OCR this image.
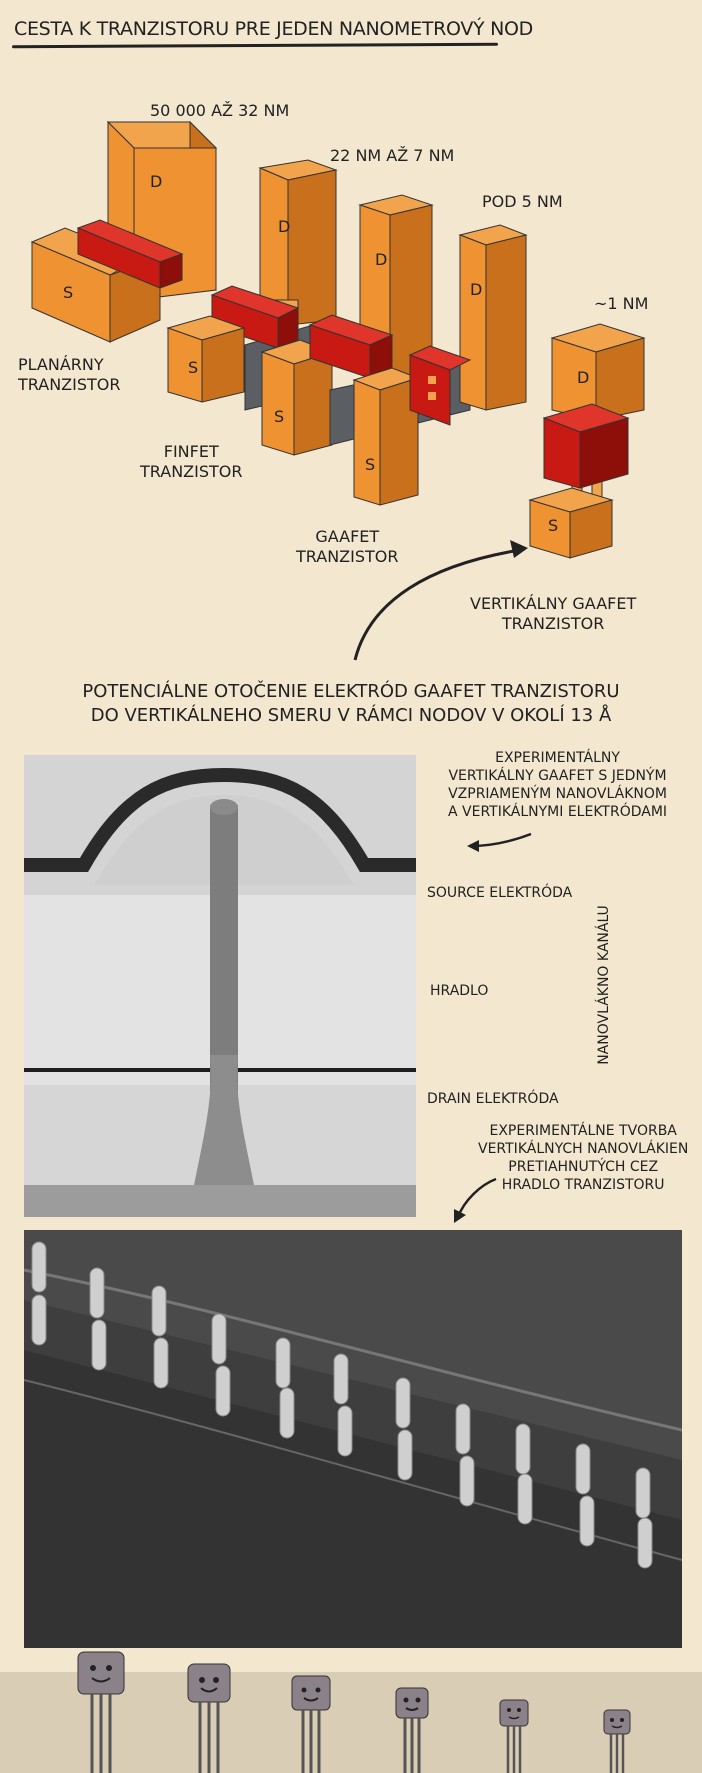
CESTA K TRANZISTORU PRE JEDEN NANOMETROVÝ NOD
50 000 AŽ 32 NM
22 NM AŽ 7 NM
POD 5 NM
~1 NM
S
D
D
S
S
D
S
D
D
S
PLANÁRNY
TRANZISTOR
FINFET
TRANZISTOR
GAAFET
TRANZISTOR
VERTIKÁLNY GAAFET
TRANZISTOR
POTENCIÁLNE OTOČENIE ELEKTRÓD GAAFET TRANZISTORU
DO VERTIKÁLNEHO SMERU V RÁMCI NODOV V OKOLÍ 13 Å
EXPERIMENTÁLNY
VERTIKÁLNY GAAFET S JEDNÝM
VZPRIAMENÝM NANOVLÁKNOM
A VERTIKÁLNYMI ELEKTRÓDAMI
SOURCE ELEKTRÓDA
HRADLO
DRAIN ELEKTRÓDA
NANOVLÁKNO KANÁLU
EXPERIMENTÁLNE TVORBA
VERTIKÁLNYCH NANOVLÁKIEN
PRETIAHNUTÝCH CEZ
HRADLO TRANZISTORU
